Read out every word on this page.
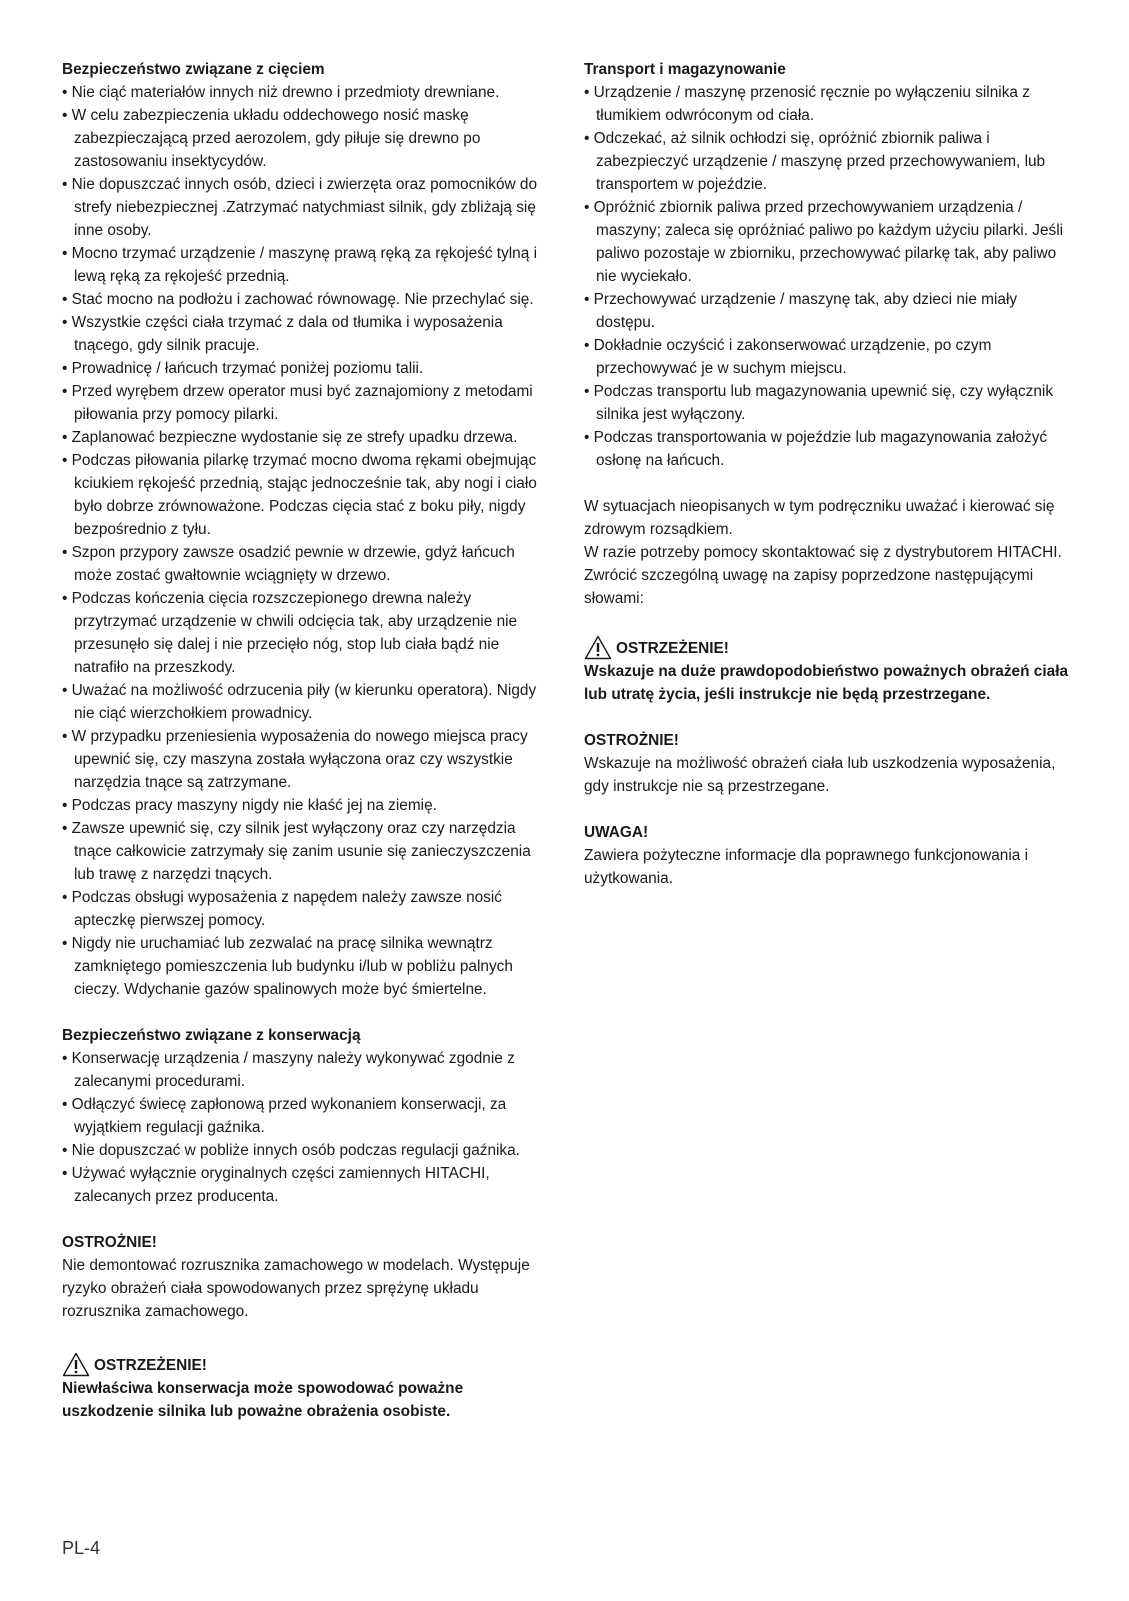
Bezpieczeństwo związane z cięciem
• Nie ciąć materiałów innych niż drewno i przedmioty drewniane.
• W celu zabezpieczenia układu oddechowego nosić maskę zabezpieczającą przed aerozolem, gdy piłuje się drewno po zastosowaniu insektycydów.
• Nie dopuszczać innych osób, dzieci i zwierzęta oraz pomocników do strefy niebezpiecznej .Zatrzymać natychmiast silnik, gdy zbliżają się inne osoby.
• Mocno trzymać urządzenie / maszynę prawą ręką za rękojeść tylną i lewą ręką za rękojeść przednią.
• Stać mocno na podłożu i zachować równowagę. Nie przechylać się.
• Wszystkie części ciała trzymać z dala od tłumika i wyposażenia tnącego, gdy silnik pracuje.
• Prowadnicę / łańcuch trzymać poniżej poziomu talii.
• Przed wyrębem drzew operator musi być zaznajomiony z metodami piłowania przy pomocy pilarki.
• Zaplanować bezpieczne wydostanie się ze strefy upadku drzewa.
• Podczas piłowania pilarkę trzymać mocno dwoma rękami obejmując kciukiem rękojeść przednią, stając jednocześnie tak, aby nogi i ciało było dobrze zrównoważone. Podczas cięcia stać z boku piły, nigdy bezpośrednio z tyłu.
• Szpon przypory zawsze osadzić pewnie w drzewie, gdyż łańcuch może zostać gwałtownie wciągnięty w drzewo.
• Podczas kończenia cięcia rozszczepionego drewna należy przytrzymać urządzenie w chwili odcięcia tak, aby urządzenie nie przesunęło się dalej i nie przecięło nóg, stop lub ciała bądź nie natrafiło na przeszkody.
• Uważać na możliwość odrzucenia piły (w kierunku operatora). Nigdy nie ciąć wierzchołkiem prowadnicy.
• W przypadku przeniesienia wyposażenia do nowego miejsca pracy upewnić się, czy maszyna została wyłączona oraz czy wszystkie narzędzia tnące są zatrzymane.
• Podczas pracy maszyny nigdy nie kłaść jej na ziemię.
• Zawsze upewnić się, czy silnik jest wyłączony oraz czy narzędzia tnące całkowicie zatrzymały się zanim usunie się zanieczyszczenia lub trawę z narzędzi tnących.
• Podczas obsługi wyposażenia z napędem należy zawsze nosić apteczkę pierwszej pomocy.
• Nigdy nie uruchamiać lub zezwalać na pracę silnika wewnątrz zamkniętego pomieszczenia lub budynku i/lub w pobliżu palnych cieczy. Wdychanie gazów spalinowych może być śmiertelne.
Bezpieczeństwo związane z konserwacją
• Konserwację urządzenia / maszyny należy wykonywać zgodnie z zalecanymi procedurami.
• Odłączyć świecę zapłonową przed wykonaniem konserwacji, za wyjątkiem regulacji gaźnika.
• Nie dopuszczać w pobliże innych osób podczas regulacji gaźnika.
• Używać wyłącznie oryginalnych części zamiennych HITACHI, zalecanych przez producenta.
OSTROŻNIE!

Nie demontować rozrusznika zamachowego w modelach. Występuje ryzyko obrażeń ciała spowodowanych przez sprężynę układu rozrusznika zamachowego.

OSTRZEŻENIE!

Niewłaściwa konserwacja może spowodować poważne uszkodzenie silnika lub poważne obrażenia osobiste.

Transport i magazynowanie
• Urządzenie / maszynę przenosić ręcznie po wyłączeniu silnika z tłumikiem odwróconym od ciała.
• Odczekać, aż silnik ochłodzi się, opróżnić zbiornik paliwa i zabezpieczyć urządzenie / maszynę przed przechowywaniem, lub transportem w pojeździe.
• Opróżnić zbiornik paliwa przed przechowywaniem urządzenia / maszyny; zaleca się opróżniać paliwo po każdym użyciu pilarki. Jeśli paliwo pozostaje w zbiorniku, przechowywać pilarkę tak, aby paliwo nie wyciekało.
• Przechowywać urządzenie / maszynę tak, aby dzieci nie miały dostępu.
• Dokładnie oczyścić i zakonserwować urządzenie, po czym przechowywać je w suchym miejscu.
• Podczas transportu lub magazynowania upewnić się, czy wyłącznik silnika jest wyłączony.
• Podczas transportowania w pojeździe lub magazynowania założyć osłonę na łańcuch.

W sytuacjach nieopisanych w tym podręczniku uważać i kierować się zdrowym rozsądkiem.

W razie potrzeby pomocy skontaktować się z dystrybutorem HITACHI.

Zwrócić szczególną uwagę na zapisy poprzedzone następującymi słowami:

OSTRZEŻENIE!

Wskazuje na duże prawdopodobieństwo poważnych obrażeń ciała lub utratę życia, jeśli instrukcje nie będą przestrzegane.

OSTROŻNIE!

Wskazuje na możliwość obrażeń ciała lub uszkodzenia wyposażenia, gdy instrukcje nie są przestrzegane.

UWAGA!

Zawiera pożyteczne informacje dla poprawnego funkcjonowania i użytkowania.

PL-4
